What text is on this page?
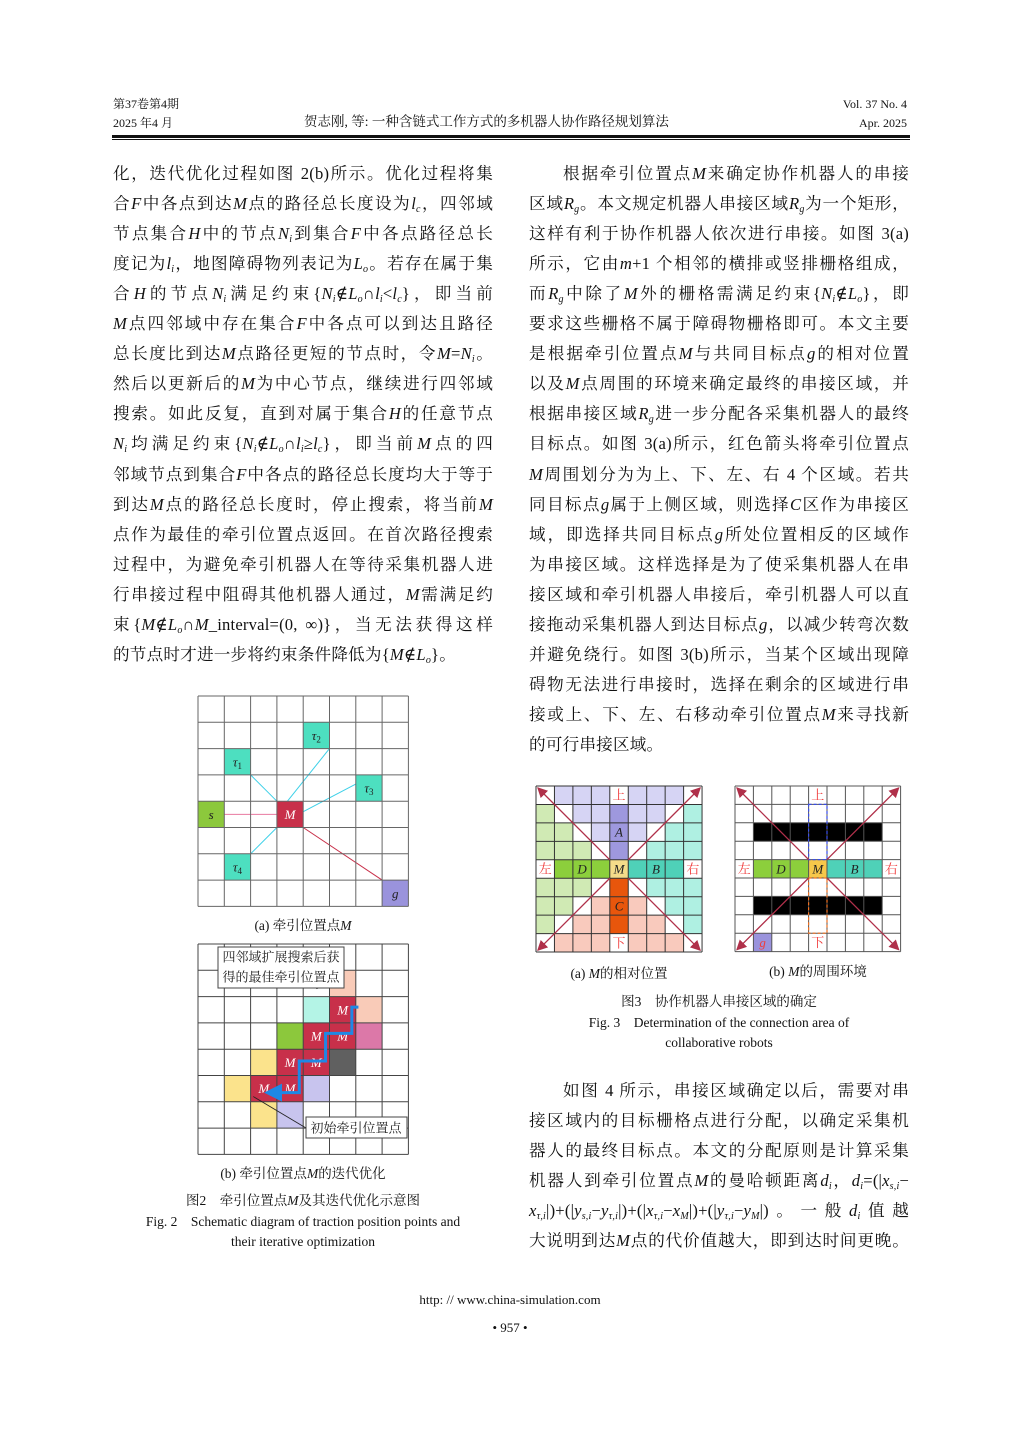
第37卷第4期
2025 年4 月	贺志刚, 等: 一种含链式工作方式的多机器人协作路径规划算法
Vol. 37 No. 4
Apr. 2025
化，迭代优化过程如图 2(b)所示。优化过程将集
合F中各点到达M点的路径总长度设为$l_c$，四邻域
节点集合H中的节点$N_i$到集合F中各点路径总长
度记为$l_i$，地图障碍物列表记为$L_o$。若存在属于集
合H的节点$N_i$满足约束$\{N_i\notin L_o\cap l_i<l_c\}$，即当前
M点四邻域中存在集合F中各点可以到达且路径
总长度比到达M点路径更短的节点时，令$M=N_i$。
然后以更新后的M为中心节点，继续进行四邻域
搜索。如此反复，直到对属于集合H的任意节点
$N_i$均满足约束$\{N_i\notin L_o\cap l_i\ge l_c\}$，即当前M点的四
邻域节点到集合F中各点的路径总长度均大于等于
到达M点的路径总长度时，停止搜索，将当前M
点作为最佳的牵引位置点返回。在首次路径搜索
过程中，为避免牵引机器人在等待采集机器人进
行串接过程中阻碍其他机器人通过，M需满足约
束{$M\notin L_o\cap M\_interval=(0$, ∞)}，当无法获得这样
的节点时才进一步将约束条件降低为$\{M\notin L_o\}$。
根据牵引位置点M来确定协作机器人的串接
区域$R_g$。本文规定机器人串接区域$R_g$为一个矩形，
这样有利于协作机器人依次进行串接。如图 3(a)
所示，它由m+1 个相邻的横排或竖排栅格组成，
而$R_g$中除了M外的栅格需满足约束$\{N_i\notin L_o\}$，即
要求这些栅格不属于障碍物栅格即可。本文主要
是根据牵引位置点M与共同目标点g的相对位置
以及M点周围的环境来确定最终的串接区域，并
根据串接区域$R_g$进一步分配各采集机器人的最终
目标点。如图 3(a)所示，红色箭头将牵引位置点
M周围划分为为上、下、左、右 4 个区域。若共
同目标点g属于上侧区域，则选择C区作为串接区
域，即选择共同目标点g所处位置相反的区域作
为串接区域。这样选择是为了使采集机器人在串
接区域和牵引机器人串接后，牵引机器人可以直
接拖动采集机器人到达目标点g，以减少转弯次数
并避免绕行。如图 3(b)所示，当某个区域出现障
碍物无法进行串接时，选择在剩余的区域进行串
接或上、下、左、右移动牵引位置点M来寻找新
的可行串接区域。
如图 4 所示，串接区域确定以后，需要对串
接区域内的目标栅格点进行分配，以确定采集机
器人的最终目标点。本文的分配原则是计算采集
机器人到牵引位置点M的曼哈顿距离$d_i$，$d_i=(|x_{s,i}-$
$x_{\tau,i}|)+(|y_{s,i}-y_{\tau,i}|)+(|x_{\tau,i}-x_M|)+(|y_{\tau,i}-y_M|)$。一般$d_i$值越
大说明到达M点的代价值越大，即到达时间更晚。
$\tau_2$
$\tau_1$
$\tau_3$
s	M
$\tau_4$
g
M
M M
M M
M M
四邻域扩展搜索后获
得的最佳牵引位置点
初始牵引位置点
上
下
左	右
D	B
M
A
C
上
下
左	右
D	B
M
g
(a) 牵引位置点M
(b) 牵引位置点M的迭代优化
图2　牵引位置点M及其迭代优化示意图
Fig. 2　Schematic diagram of traction position points and
their iterative optimization
(a) M的相对位置	(b) M的周围环境
图3　协作机器人串接区域的确定
Fig. 3　Determination of the connection area of
collaborative robots
http: // www.china-simulation.com
• 957 •
